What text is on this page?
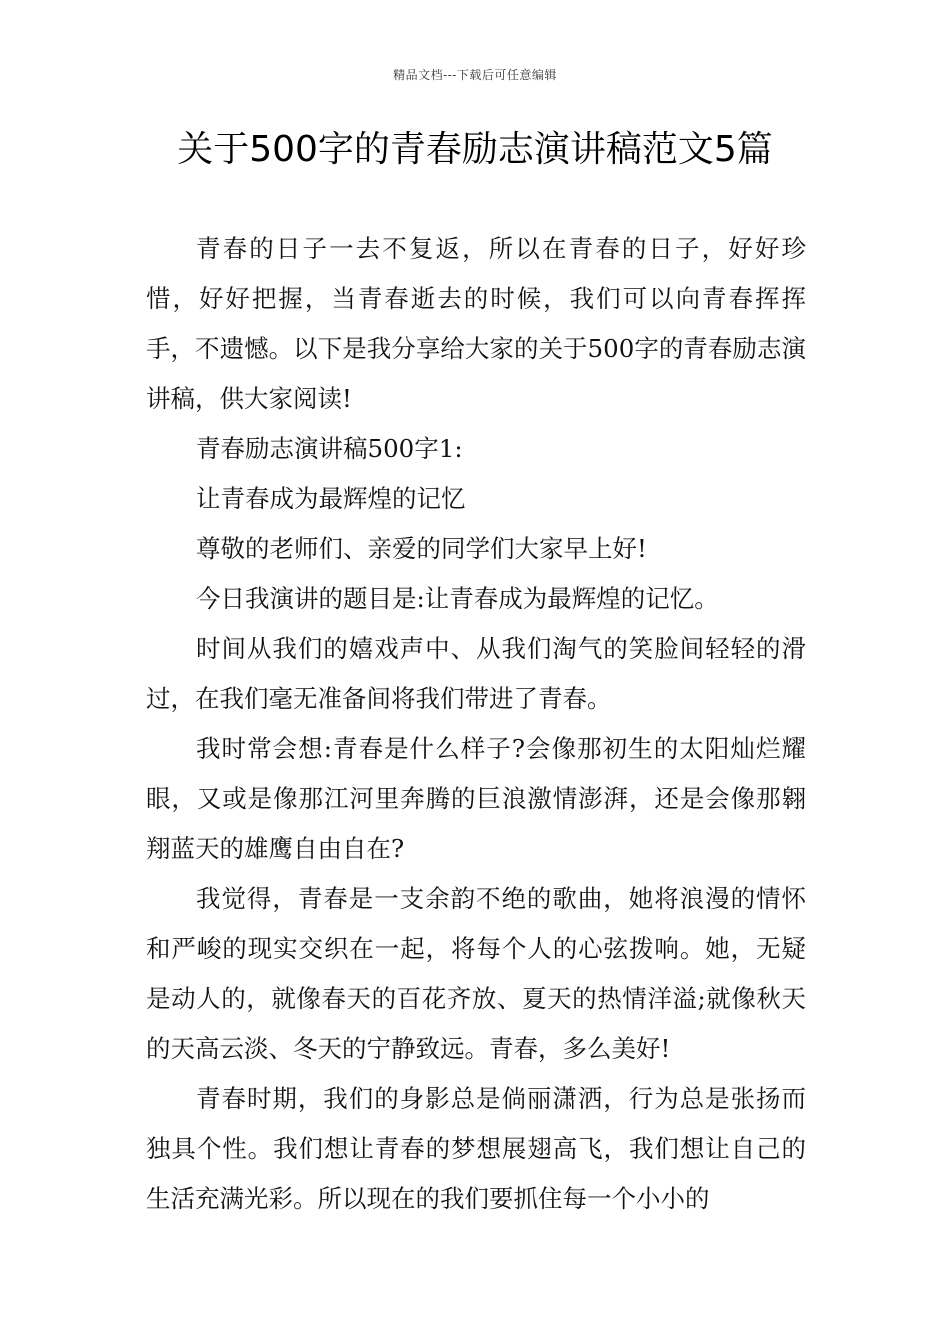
精品文档---下载后可任意编辑
关于500字的青春励志演讲稿范文5篇

青春的日子一去不复返，所以在青春的日子，好好珍惜，好好把握，当青春逝去的时候，我们可以向青春挥挥手，不遗憾。以下是我分享给大家的关于500字的青春励志演讲稿，供大家阅读!

青春励志演讲稿500字1:

让青春成为最辉煌的记忆

尊敬的老师们、亲爱的同学们大家早上好!

今日我演讲的题目是:让青春成为最辉煌的记忆。

时间从我们的嬉戏声中、从我们淘气的笑脸间轻轻的滑过，在我们毫无准备间将我们带进了青春。

我时常会想:青春是什么样子?会像那初生的太阳灿烂耀眼，又或是像那江河里奔腾的巨浪激情澎湃，还是会像那翱翔蓝天的雄鹰自由自在?

我觉得，青春是一支余韵不绝的歌曲，她将浪漫的情怀和严峻的现实交织在一起，将每个人的心弦拨响。她，无疑是动人的，就像春天的百花齐放、夏天的热情洋溢;就像秋天的天高云淡、冬天的宁静致远。青春，多么美好!

青春时期，我们的身影总是倘丽潇洒，行为总是张扬而独具个性。我们想让青春的梦想展翅高飞，我们想让自己的生活充满光彩。所以现在的我们要抓住每一个小小的
